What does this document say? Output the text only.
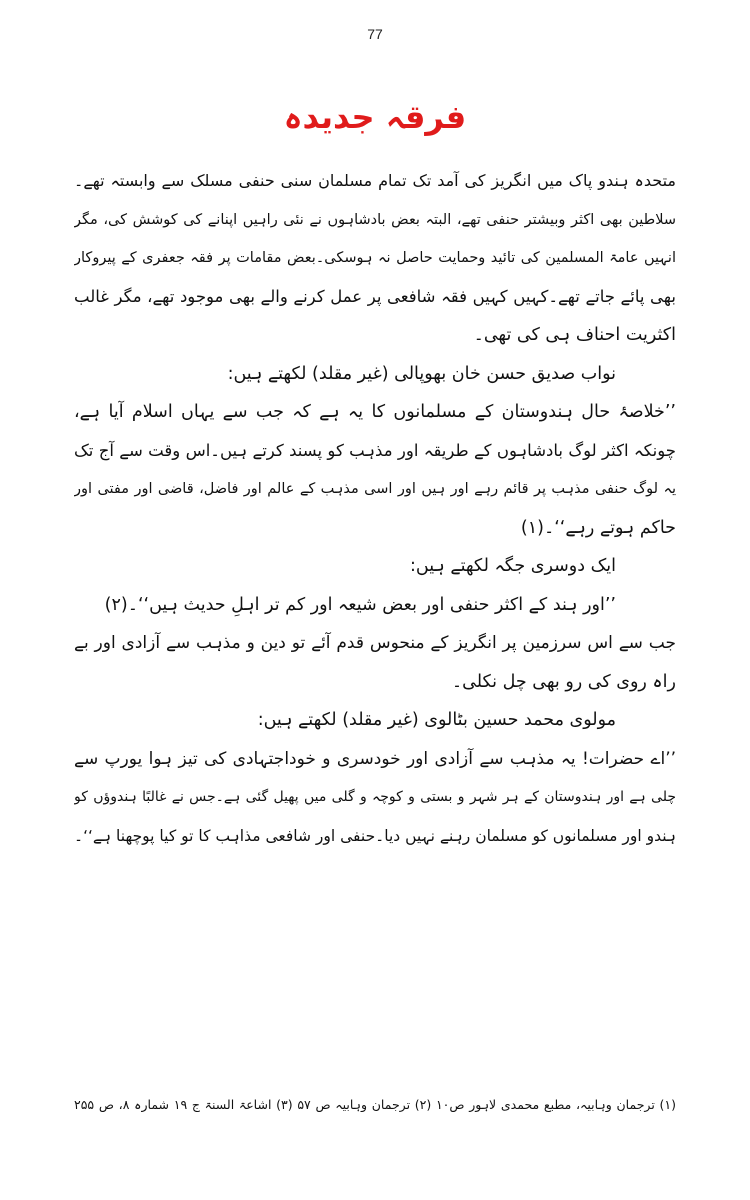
77
فرقہ جدیدہ
متحدہ ہندو پاک میں انگریز کی آمد تک تمام مسلمان سنی حنفی مسلک سے وابستہ تھے۔
سلاطین بھی اکثر وبیشتر حنفی تھے، البتہ بعض بادشاہوں نے نئی راہیں اپنانے کی کوشش کی، مگر
انہیں عامۃ المسلمین کی تائید وحمایت حاصل نہ ہوسکی۔بعض مقامات پر فقہ جعفری کے پیروکار
بھی پائے جاتے تھے۔کہیں کہیں فقہ شافعی پر عمل کرنے والے بھی موجود تھے، مگر غالب
اکثریت احناف ہی کی تھی۔
نواب صدیق حسن خان بھوپالی (غیر مقلد) لکھتے ہیں:
’’خلاصۂ حال ہندوستان کے مسلمانوں کا یہ ہے کہ جب سے یہاں اسلام آیا ہے،
چونکہ اکثر لوگ بادشاہوں کے طریقہ اور مذہب کو پسند کرتے ہیں۔اس وقت سے آج تک
یہ لوگ حنفی مذہب پر قائم رہے اور ہیں اور اسی مذہب کے عالم اور فاضل، قاضی اور مفتی اور
حاکم ہوتے رہے‘‘۔(۱)
ایک دوسری جگہ لکھتے ہیں:
’’اور ہند کے اکثر حنفی اور بعض شیعہ اور کم تر اہلِ حدیث ہیں‘‘۔(۲)
جب سے اس سرزمین پر انگریز کے منحوس قدم آئے تو دین و مذہب سے آزادی اور بے
راہ روی کی رو بھی چل نکلی۔
مولوی محمد حسین بٹالوی (غیر مقلد) لکھتے ہیں:
’’اے حضرات! یہ مذہب سے آزادی اور خودسری و خوداجتہادی کی تیز ہوا یورپ سے
چلی ہے اور ہندوستان کے ہر شہر و بستی و کوچہ و گلی میں پھیل گئی ہے۔جس نے غالبًا ہندوؤں کو
ہندو اور مسلمانوں کو مسلمان رہنے نہیں دیا۔حنفی اور شافعی مذاہب کا تو کیا پوچھنا ہے‘‘۔
(۱) ترجمانِ وہابیہ، مطبع محمدی لاہور ص۱۰ (۲) ترجمان وہابیہ ص ۵۷ (۳) اشاعۃ السنۃ ج ۱۹ شمارہ ۸، ص ۲۵۵
